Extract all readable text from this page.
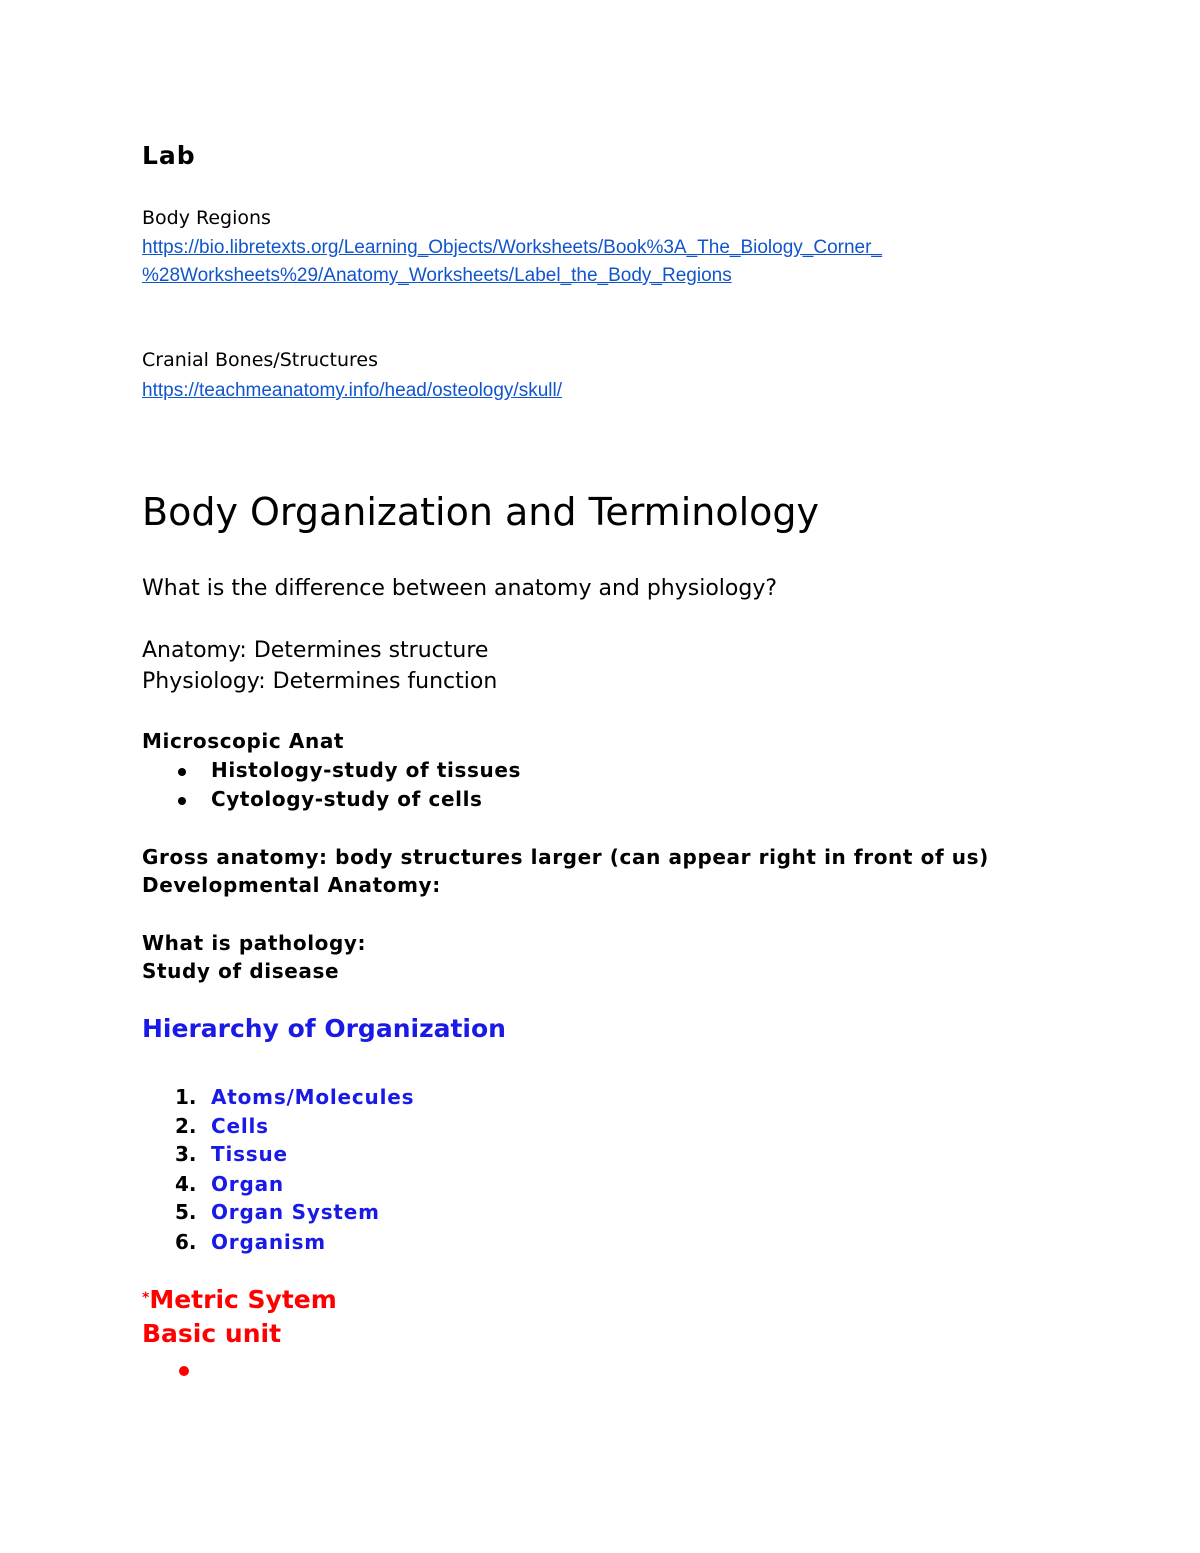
Lab
Body Regions
https://bio.libretexts.org/Learning_Objects/Worksheets/Book%3A_The_Biology_Corner_
%28Worksheets%29/Anatomy_Worksheets/Label_the_Body_Regions
Cranial Bones/Structures
https://teachmeanatomy.info/head/osteology/skull/
Body Organization and Terminology
What is the difference between anatomy and physiology?
Anatomy: Determines structure
Physiology: Determines function
Microscopic Anat
Histology-study of tissues
Cytology-study of cells
Gross anatomy: body structures larger (can appear right in front of us)
Developmental Anatomy:
What is pathology:
Study of disease
Hierarchy of Organization
1. Atoms/Molecules
2. Cells
3. Tissue
4. Organ
5. Organ System
6. Organism
*Metric Sytem
Basic unit
